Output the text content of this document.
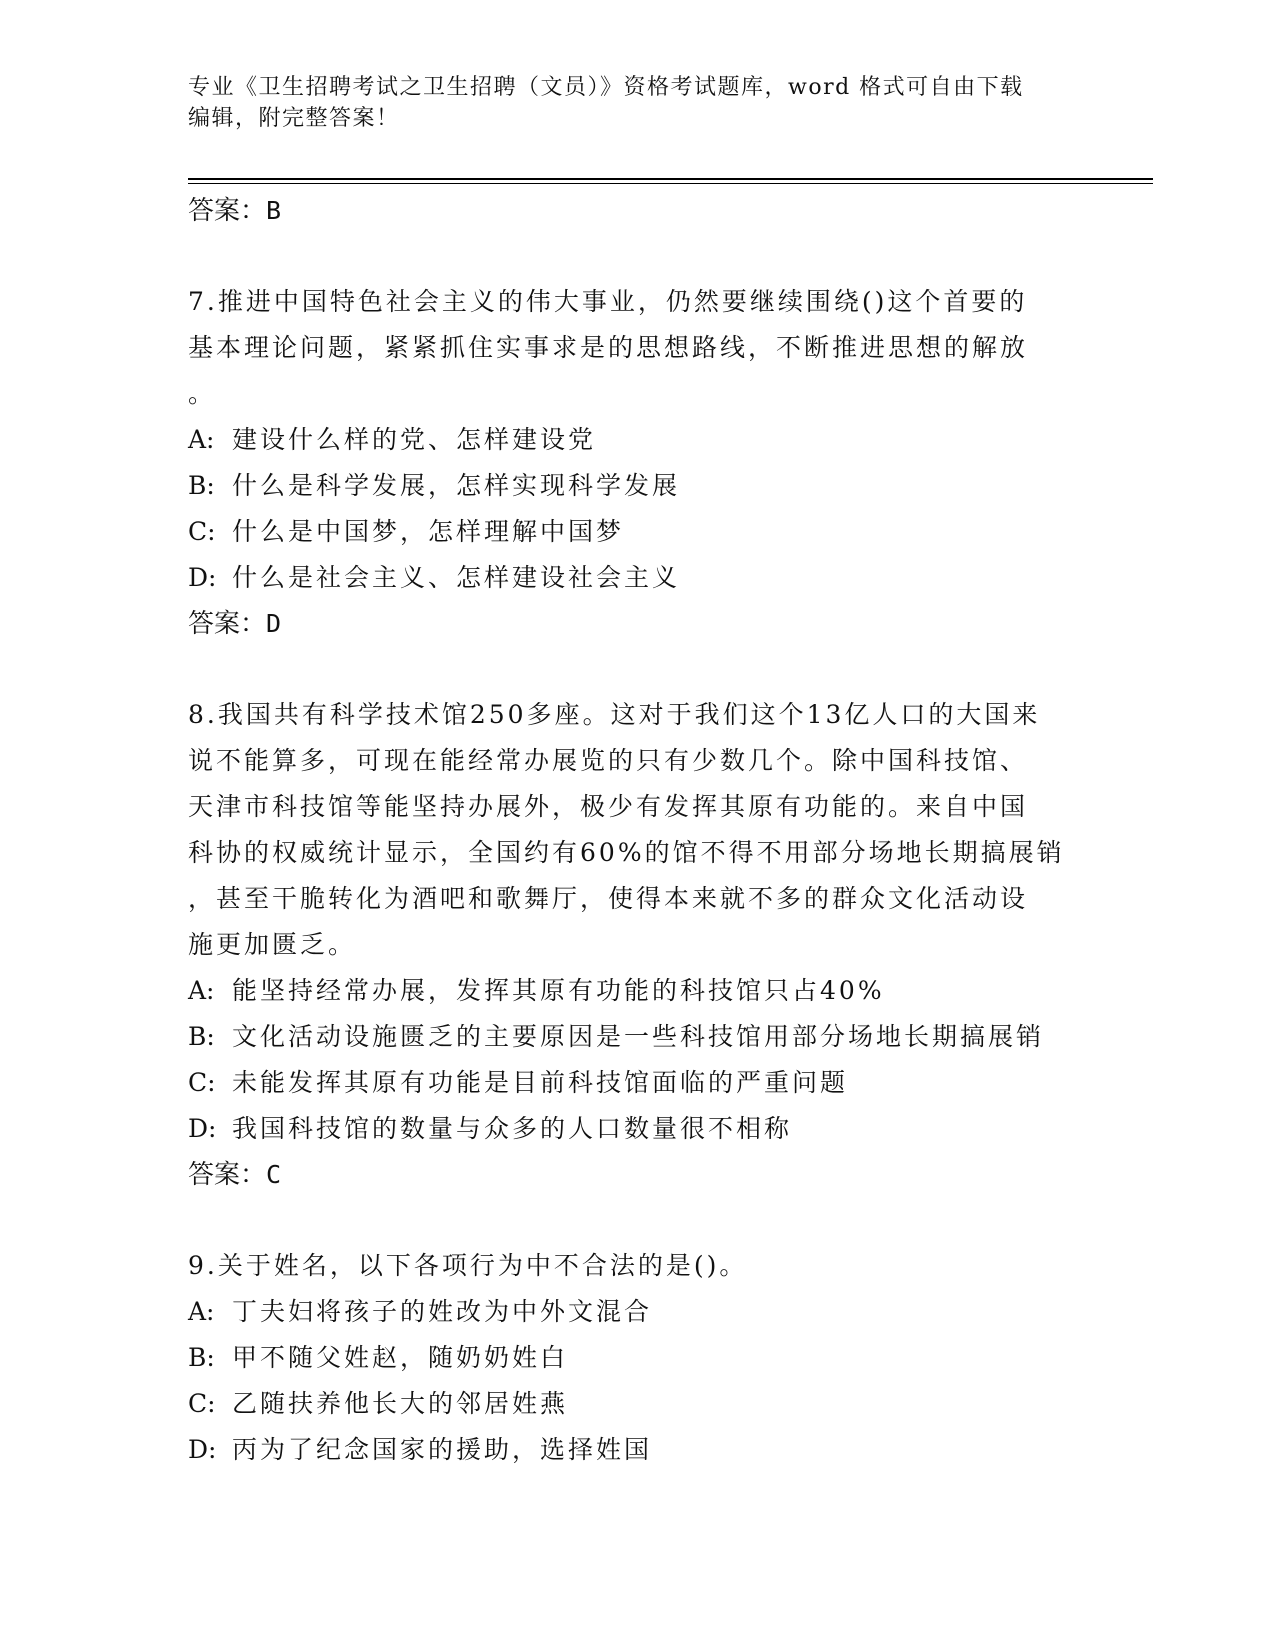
专业《卫生招聘考试之卫生招聘（文员）》资格考试题库，word 格式可自由下载
编辑，附完整答案！

答案：B

7.推进中国特色社会主义的伟大事业，仍然要继续围绕()这个首要的

基本理论问题，紧紧抓住实事求是的思想路线，不断推进思想的解放

。

A: 建设什么样的党、怎样建设党

B: 什么是科学发展，怎样实现科学发展

C: 什么是中国梦，怎样理解中国梦

D: 什么是社会主义、怎样建设社会主义

答案：D

8.我国共有科学技术馆250多座。这对于我们这个13亿人口的大国来

说不能算多，可现在能经常办展览的只有少数几个。除中国科技馆、

天津市科技馆等能坚持办展外，极少有发挥其原有功能的。来自中国

科协的权威统计显示，全国约有60%的馆不得不用部分场地长期搞展销

，甚至干脆转化为酒吧和歌舞厅，使得本来就不多的群众文化活动设

施更加匮乏。

A: 能坚持经常办展，发挥其原有功能的科技馆只占40%

B: 文化活动设施匮乏的主要原因是一些科技馆用部分场地长期搞展销

C: 未能发挥其原有功能是目前科技馆面临的严重问题

D: 我国科技馆的数量与众多的人口数量很不相称

答案：C

9.关于姓名，以下各项行为中不合法的是()。

A: 丁夫妇将孩子的姓改为中外文混合

B: 甲不随父姓赵，随奶奶姓白

C: 乙随扶养他长大的邻居姓燕

D: 丙为了纪念国家的援助，选择姓国
